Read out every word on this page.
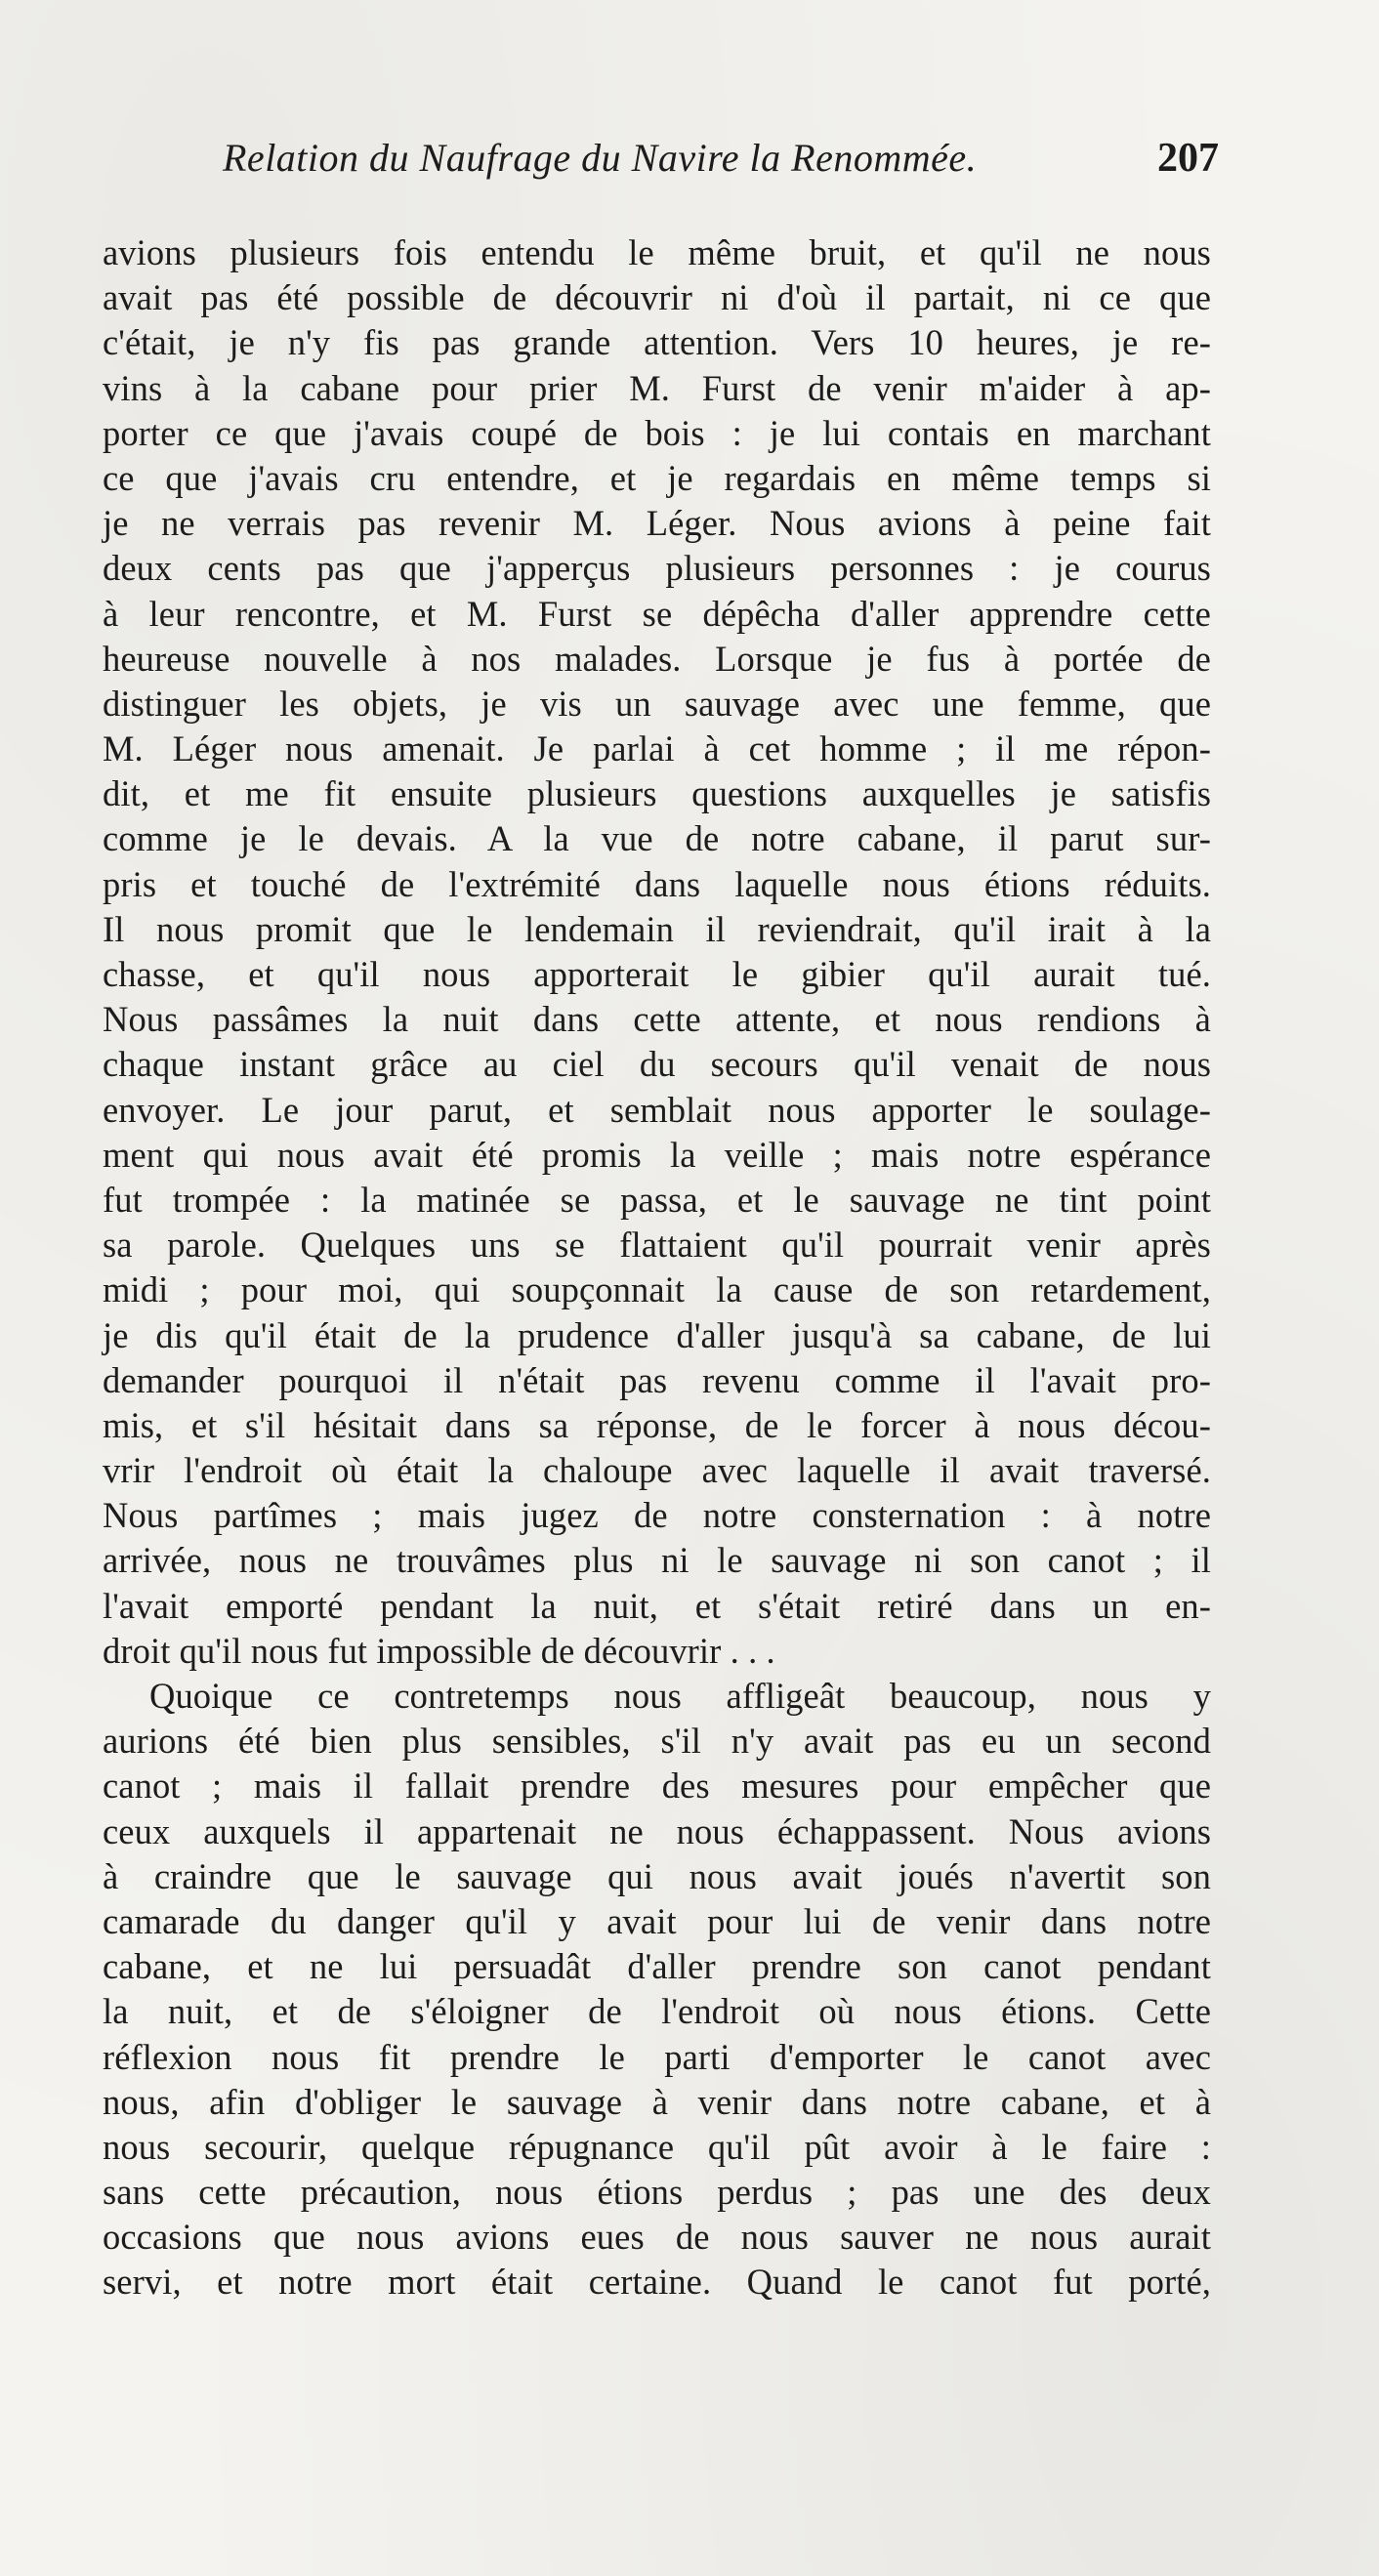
Relation du Naufrage du Navire la Renommée.	207
avions plusieurs fois entendu le même bruit, et qu'il ne nous
avait pas été possible de découvrir ni d'où il partait, ni ce que
c'était, je n'y fis pas grande attention. Vers 10 heures, je re-
vins à la cabane pour prier M. Furst de venir m'aider à ap-
porter ce que j'avais coupé de bois : je lui contais en marchant
ce que j'avais cru entendre, et je regardais en même temps si
je ne verrais pas revenir M. Léger. Nous avions à peine fait
deux cents pas que j'apperçus plusieurs personnes : je courus
à leur rencontre, et M. Furst se dépêcha d'aller apprendre cette
heureuse nouvelle à nos malades. Lorsque je fus à portée de
distinguer les objets, je vis un sauvage avec une femme, que
M. Léger nous amenait. Je parlai à cet homme ; il me répon-
dit, et me fit ensuite plusieurs questions auxquelles je satisfis
comme je le devais. A la vue de notre cabane, il parut sur-
pris et touché de l'extrémité dans laquelle nous étions réduits.
Il nous promit que le lendemain il reviendrait, qu'il irait à la
chasse, et qu'il nous apporterait le gibier qu'il aurait tué.
Nous passâmes la nuit dans cette attente, et nous rendions à
chaque instant grâce au ciel du secours qu'il venait de nous
envoyer. Le jour parut, et semblait nous apporter le soulage-
ment qui nous avait été promis la veille ; mais notre espérance
fut trompée : la matinée se passa, et le sauvage ne tint point
sa parole. Quelques uns se flattaient qu'il pourrait venir après
midi ; pour moi, qui soupçonnait la cause de son retardement,
je dis qu'il était de la prudence d'aller jusqu'à sa cabane, de lui
demander pourquoi il n'était pas revenu comme il l'avait pro-
mis, et s'il hésitait dans sa réponse, de le forcer à nous décou-
vrir l'endroit où était la chaloupe avec laquelle il avait traversé.
Nous partîmes ; mais jugez de notre consternation : à notre
arrivée, nous ne trouvâmes plus ni le sauvage ni son canot ; il
l'avait emporté pendant la nuit, et s'était retiré dans un en-
droit qu'il nous fut impossible de découvrir . . .
Quoique ce contretemps nous affligeât beaucoup, nous y
aurions été bien plus sensibles, s'il n'y avait pas eu un second
canot ; mais il fallait prendre des mesures pour empêcher que
ceux auxquels il appartenait ne nous échappassent. Nous avions
à craindre que le sauvage qui nous avait joués n'avertit son
camarade du danger qu'il y avait pour lui de venir dans notre
cabane, et ne lui persuadât d'aller prendre son canot pendant
la nuit, et de s'éloigner de l'endroit où nous étions. Cette
réflexion nous fit prendre le parti d'emporter le canot avec
nous, afin d'obliger le sauvage à venir dans notre cabane, et à
nous secourir, quelque répugnance qu'il pût avoir à le faire :
sans cette précaution, nous étions perdus ; pas une des deux
occasions que nous avions eues de nous sauver ne nous aurait
servi, et notre mort était certaine. Quand le canot fut porté,
